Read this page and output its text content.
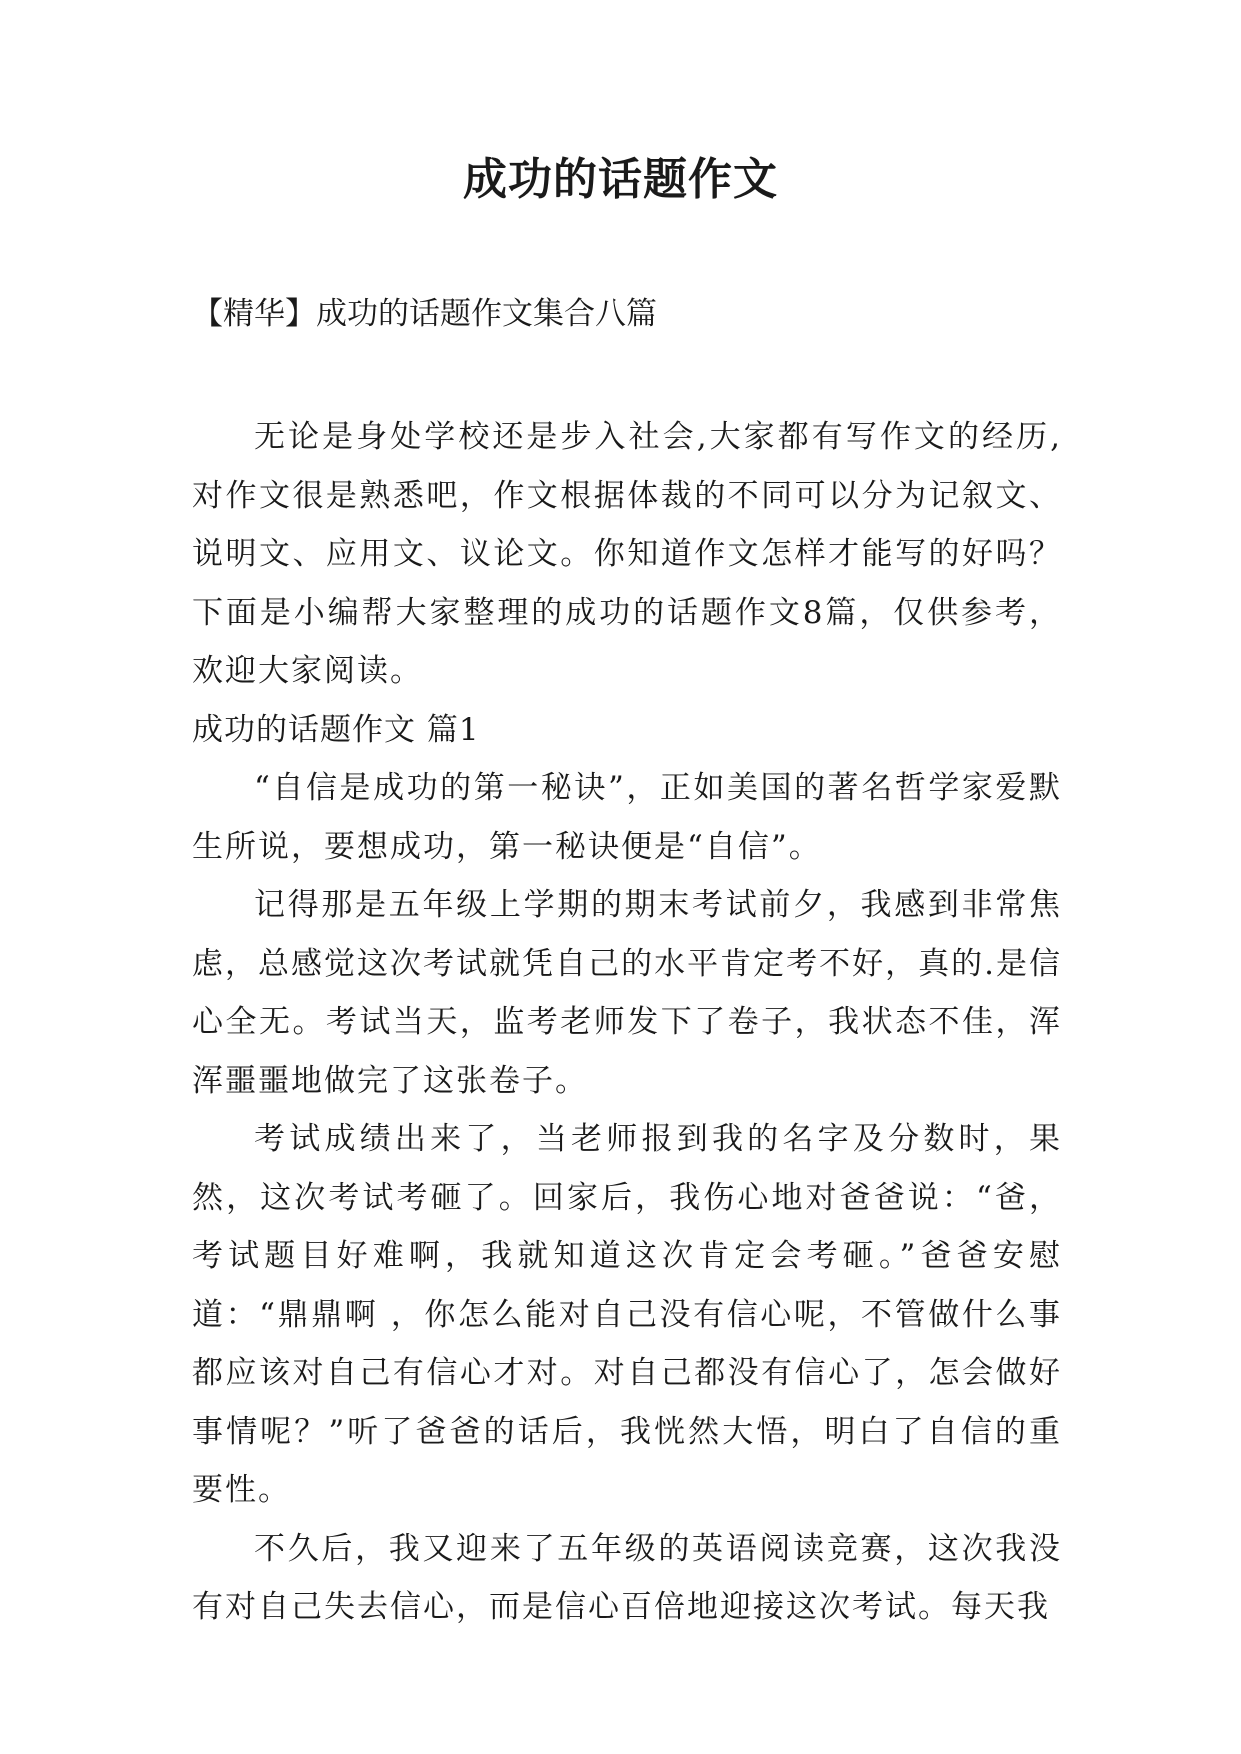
成功的话题作文

【精华】成功的话题作文集合八篇

无论是身处学校还是步入社会,大家都有写作文的经历,对作文很是熟悉吧，作文根据体裁的不同可以分为记叙文、说明文、应用文、议论文。你知道作文怎样才能写的好吗？下面是小编帮大家整理的成功的话题作文8篇，仅供参考，欢迎大家阅读。

成功的话题作文 篇1

“自信是成功的第一秘诀”，正如美国的著名哲学家爱默生所说，要想成功，第一秘诀便是“自信”。

记得那是五年级上学期的期末考试前夕，我感到非常焦虑，总感觉这次考试就凭自己的水平肯定考不好，真的.是信心全无。考试当天，监考老师发下了卷子，我状态不佳，浑浑噩噩地做完了这张卷子。

考试成绩出来了，当老师报到我的名字及分数时，果然，这次考试考砸了。回家后，我伤心地对爸爸说：“爸，考试题目好难啊，我就知道这次肯定会考砸。”爸爸安慰道：“鼎鼎啊 ，你怎么能对自己没有信心呢，不管做什么事都应该对自己有信心才对。对自己都没有信心了，怎会做好事情呢？”听了爸爸的话后，我恍然大悟，明白了自信的重要性。

不久后，我又迎来了五年级的英语阅读竞赛，这次我没有对自己失去信心，而是信心百倍地迎接这次考试。每天我
